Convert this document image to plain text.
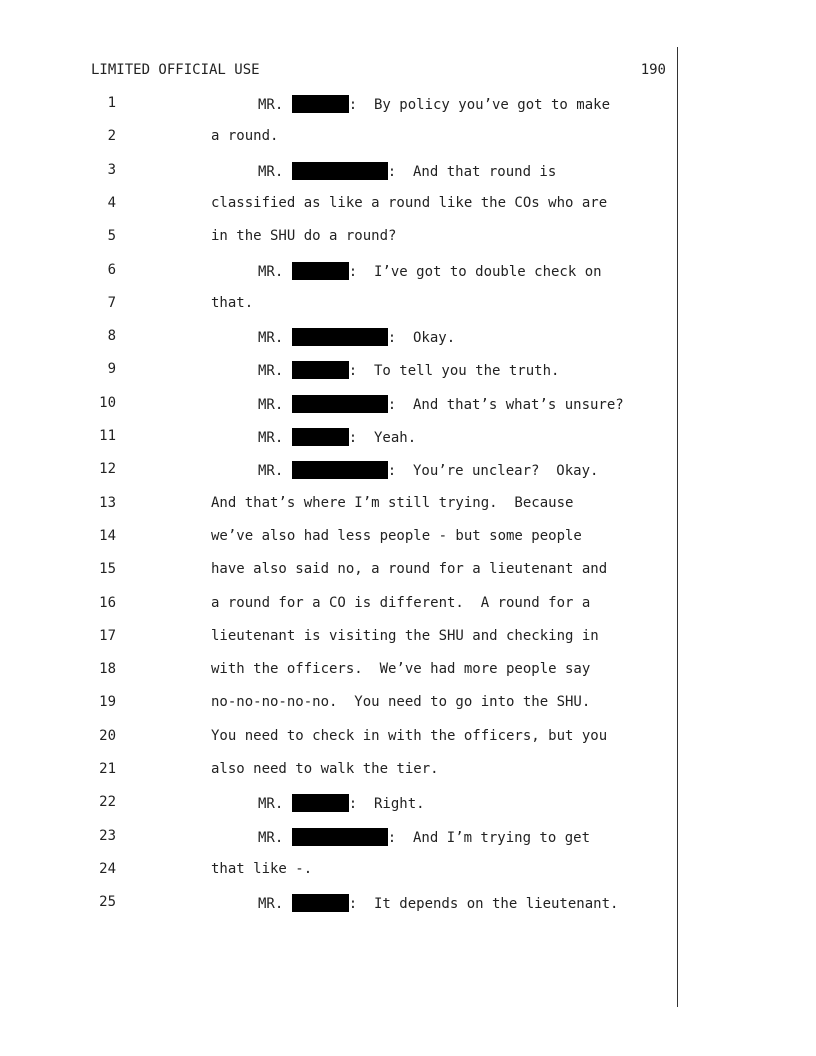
LIMITED OFFICIAL USE	190
1	MR.	:  By policy you’ve got to make
2	a round.
3	MR.	:  And that round is
4	classified as like a round like the COs who are
5	in the SHU do a round?
6	MR.	:  I’ve got to double check on
7	that.
8	MR.	:  Okay.
9	MR.	:  To tell you the truth.
10	MR.	:  And that’s what’s unsure?
11	MR.	:  Yeah.
12	MR.	:  You’re unclear?  Okay.
13	And that’s where I’m still trying.  Because
14	we’ve also had less people - but some people
15	have also said no, a round for a lieutenant and
16	a round for a CO is different.  A round for a
17	lieutenant is visiting the SHU and checking in
18	with the officers.  We’ve had more people say
19	no-no-no-no-no.  You need to go into the SHU.
20	You need to check in with the officers, but you
21	also need to walk the tier.
22	MR.	:  Right.
23	MR.	:  And I’m trying to get
24	that like -.
25	MR.	:  It depends on the lieutenant.
